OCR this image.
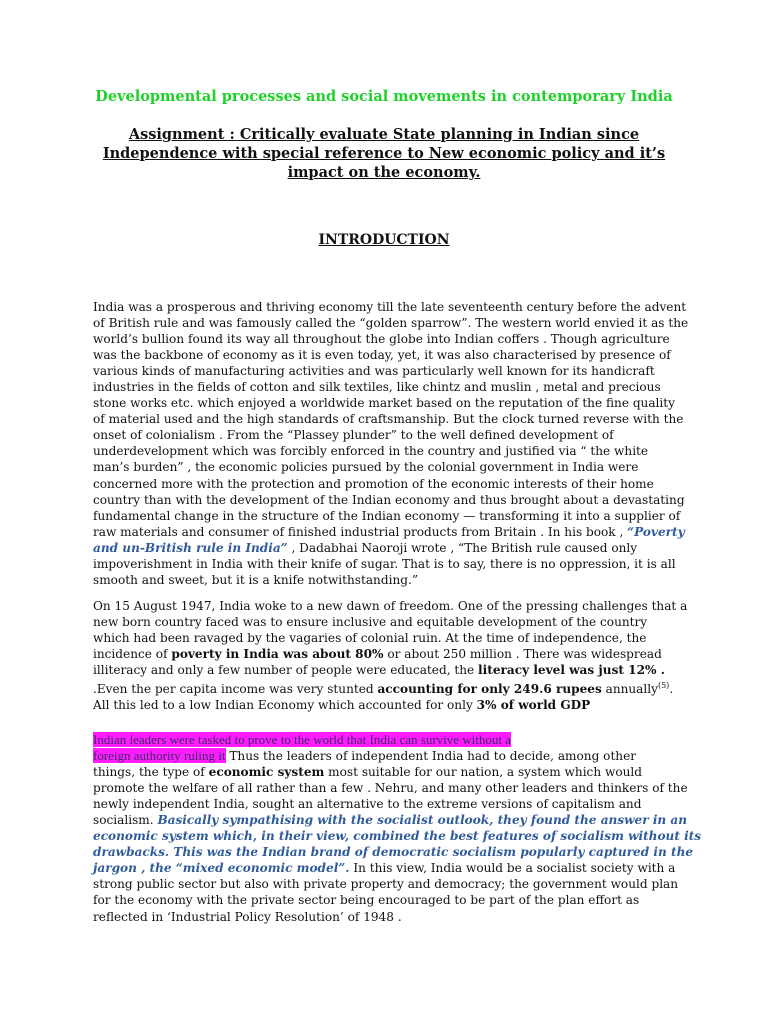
Developmental processes and social movements in contemporary India
Assignment : Critically evaluate State planning in Indian since
Independence with special reference to New economic policy and it’s
impact on the economy.
INTRODUCTION
India was a prosperous and thriving economy till the late seventeenth century before the advent
of British rule and was famously called the “golden sparrow”. The western world envied it as the
world’s bullion found its way all throughout the globe into Indian coffers . Though agriculture
was the backbone of economy as it is even today, yet, it was also characterised by presence of
various kinds of manufacturing activities and was particularly well known for its handicraft
industries in the fields of cotton and silk textiles, like chintz and muslin , metal and precious
stone works etc. which enjoyed a worldwide market based on the reputation of the fine quality
of material used and the high standards of craftsmanship. But the clock turned reverse with the
onset of colonialism . From the “Plassey plunder” to the well defined development of
underdevelopment which was forcibly enforced in the country and justified via “ the white
man’s burden” , the economic policies pursued by the colonial government in India were
concerned more with the protection and promotion of the economic interests of their home
country than with the development of the Indian economy and thus brought about a devastating
fundamental change in the structure of the Indian economy — transforming it into a supplier of
raw materials and consumer of finished industrial products from Britain . In his book , “Poverty
and un-British rule in India” , Dadabhai Naoroji wrote , “The British rule caused only
impoverishment in India with their knife of sugar. That is to say, there is no oppression, it is all
smooth and sweet, but it is a knife notwithstanding.”
On 15 August 1947, India woke to a new dawn of freedom. One of the pressing challenges that a
new born country faced was to ensure inclusive and equitable development of the country
which had been ravaged by the vagaries of colonial ruin. At the time of independence, the
incidence of poverty in India was about 80% or about 250 million . There was widespread
illiteracy and only a few number of people were educated, the literacy level was just 12% .
.Even the per capita income was very stunted accounting for only 249.6 rupees annually$^{(5)}$.
All this led to a low Indian Economy which accounted for only 3% of world GDP
Indian leaders were tasked to prove to the world that India can survive without a
foreign authority ruling it Thus the leaders of independent India had to decide, among other
things, the type of economic system most suitable for our nation, a system which would
promote the welfare of all rather than a few . Nehru, and many other leaders and thinkers of the
newly independent India, sought an alternative to the extreme versions of capitalism and
socialism. Basically sympathising with the socialist outlook, they found the answer in an
economic system which, in their view, combined the best features of socialism without its
drawbacks. This was the Indian brand of democratic socialism popularly captured in the
jargon , the “mixed economic model”. In this view, India would be a socialist society with a
strong public sector but also with private property and democracy; the government would plan
for the economy with the private sector being encouraged to be part of the plan effort as
reflected in ‘Industrial Policy Resolution’ of 1948 .
